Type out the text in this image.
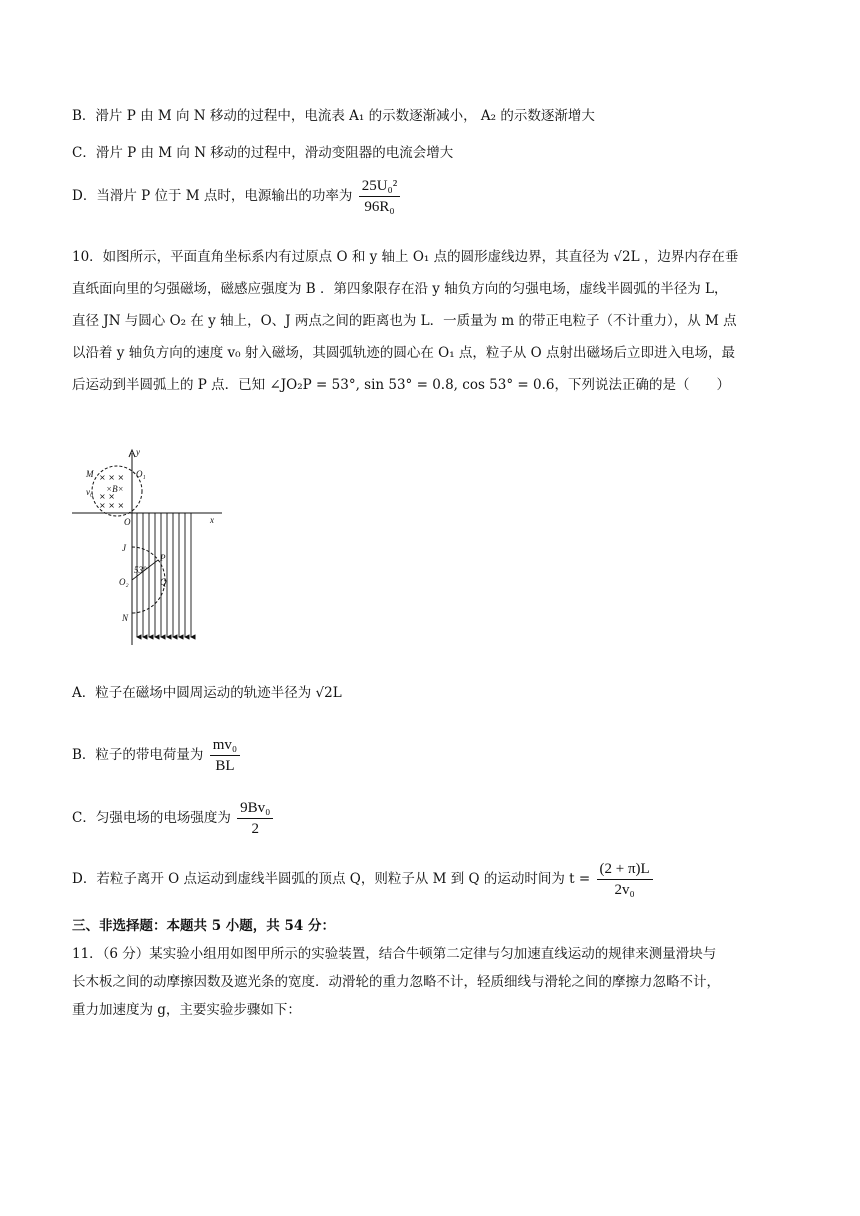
B．滑片 P 由 M 向 N 移动的过程中，电流表 A₁ 的示数逐渐减小， A₂ 的示数逐渐增大
C．滑片 P 由 M 向 N 移动的过程中，滑动变阻器的电流会增大
D．当滑片 P 位于 M 点时，电源输出的功率为 $\frac{\text{25U₀²}}{\text{96R₀}}$
10．如图所示，平面直角坐标系内有过原点 O 和 y 轴上 O₁ 点的圆形虚线边界，其直径为 √2L ，边界内存在垂
直纸面向里的匀强磁场，磁感应强度为 B ．第四象限存在沿 y 轴负方向的匀强电场，虚线半圆弧的半径为 L，
直径 JN 与圆心 O₂ 在 y 轴上，O、J 两点之间的距离也为 L．一质量为 m 的带正电粒子（不计重力），从 M 点
以沿着 y 轴负方向的速度 v₀ 射入磁场，其圆弧轨迹的圆心在 O₁ 点，粒子从 O 点射出磁场后立即进入电场，最
后运动到半圆弧上的 P 点．已知 ∠JO₂P = 53°, sin 53° = 0.8, cos 53° = 0.6，下列说法正确的是（　　）
× × ×
× ×
× × ×
y
M	O₁
×B×
v₀
O	x
J
P
53°
O₂	Q
N
A．粒子在磁场中圆周运动的轨迹半径为 √2L
B．粒子的带电荷量为 $\frac{\text{mv₀}}{BL}$
C．匀强电场的电场强度为 $\frac{\text{9Bv₀}}{2}$
D．若粒子离开 O 点运动到虚线半圆弧的顶点 Q，则粒子从 M 到 Q 的运动时间为 $t = \frac{(2 + \pi)L}{\text{2v₀}}$
三、非选择题：本题共 5 小题，共 54 分：
11．（6 分）某实验小组用如图甲所示的实验装置，结合牛顿第二定律与匀加速直线运动的规律来测量滑块与
长木板之间的动摩擦因数及遮光条的宽度．动滑轮的重力忽略不计，轻质细线与滑轮之间的摩擦力忽略不计，
重力加速度为 g，主要实验步骤如下：
